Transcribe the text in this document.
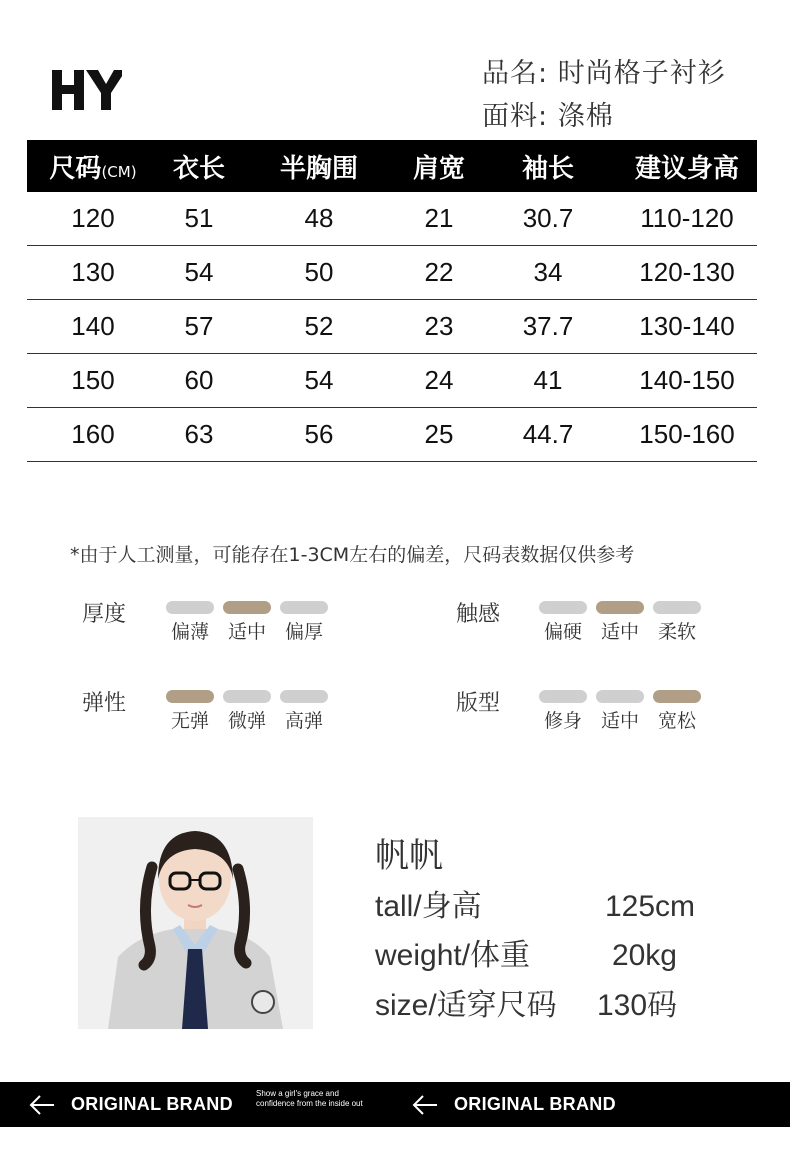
品名: 时尚格子衬衫
面料: 涤棉
尺码(CM)	衣长	半胸围	肩宽	袖长	建议身高
120	51	48	21	30.7	110-120
130	54	50	22	34	120-130
140	57	52	23	37.7	130-140
150	60	54	24	41	140-150
160	63	56	25	44.7	150-160
*由于人工测量，可能存在1-3CM左右的偏差，尺码表数据仅供参考
厚度
偏薄 适中 偏厚
触感
偏硬 适中 柔软
弹性
无弹 微弹 高弹
版型
修身 适中 宽松
帆帆
tall/身高	125cm
weight/体重	20kg
size/适穿尺码 130码
ORIGINAL BRAND
Show a girl's grace and confidence from the inside out	ORIGINAL BRAND
